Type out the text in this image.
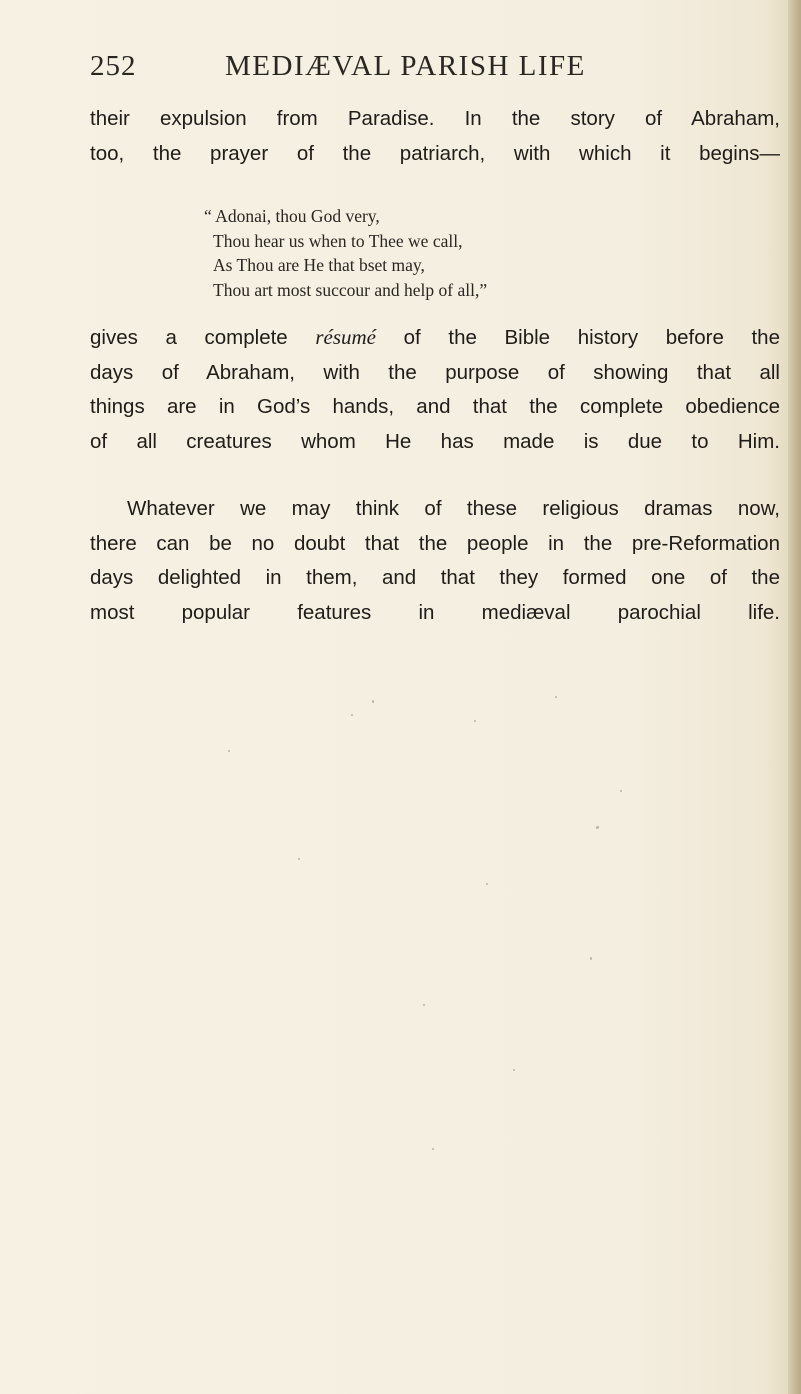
252	MEDIÆVAL PARISH LIFE

their expulsion from Paradise. In the story of Abraham,
too, the prayer of the patriarch, with which it begins—

“ Adonai, thou God very,
Thou hear us when to Thee we call,
As Thou are He that bset may,
Thou art most succour and help of all,”

gives a complete résumé of the Bible history before the
days of Abraham, with the purpose of showing that all
things are in God’s hands, and that the complete obedience
of all creatures whom He has made is due to Him.

Whatever we may think of these religious dramas now,
there can be no doubt that the people in the pre-Reformation
days delighted in them, and that they formed one of the
most popular features in mediæval parochial life.
